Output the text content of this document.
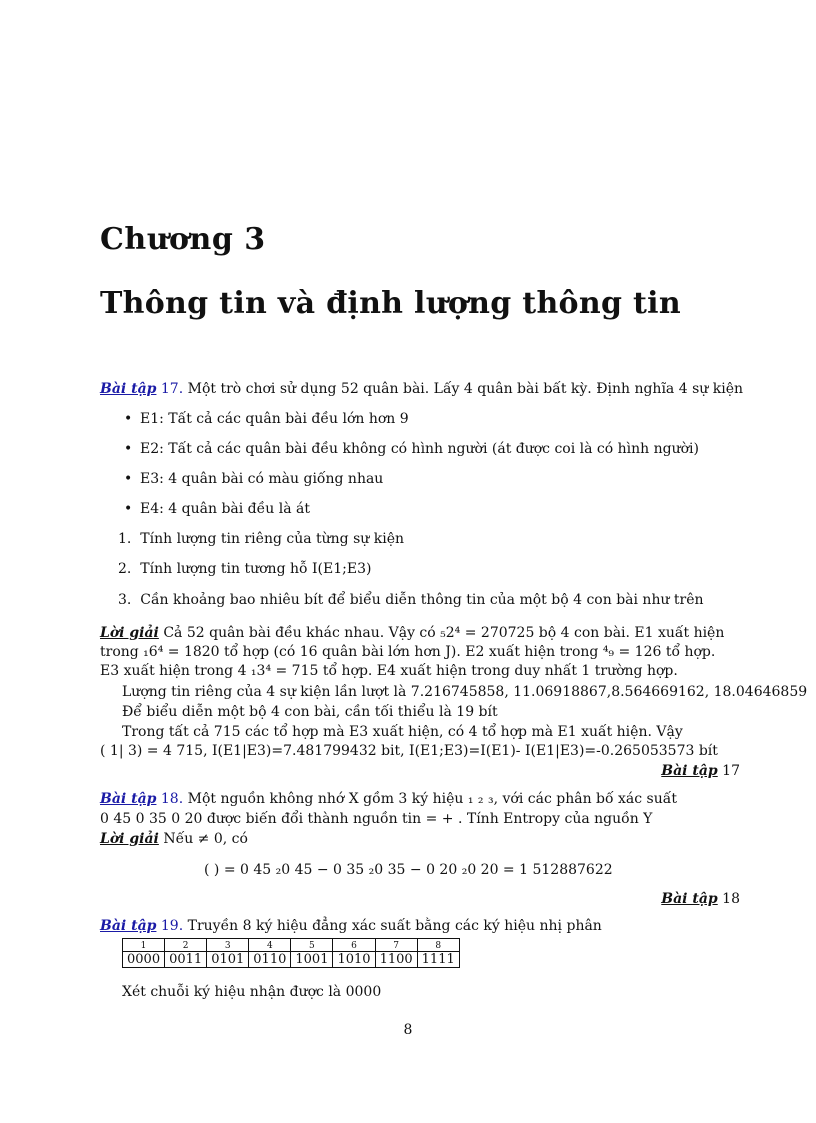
Chương 3
Thông tin và định lượng thông tin
Bài tập 17. Một trò chơi sử dụng 52 quân bài. Lấy 4 quân bài bất kỳ. Định nghĩa 4 sự kiện
• E1: Tất cả các quân bài đều lớn hơn 9
• E2: Tất cả các quân bài đều không có hình người (át được coi là có hình người)
• E3: 4 quân bài có màu giống nhau
• E4: 4 quân bài đều là át
1. Tính lượng tin riêng của từng sự kiện
2. Tính lượng tin tương hỗ I(E1;E3)
3. Cần khoảng bao nhiêu bít để biểu diễn thông tin của một bộ 4 con bài như trên
Lời giải Cả 52 quân bài đều khác nhau. Vậy có ₅2⁴ = 270725 bộ 4 con bài. E1 xuất hiện
trong ₁6⁴ = 1820 tổ hợp (có 16 quân bài lớn hơn J). E2 xuất hiện trong ⁴₉ = 126 tổ hợp.
E3 xuất hiện trong 4 ₁3⁴ = 715 tổ hợp. E4 xuất hiện trong duy nhất 1 trường hợp.
Lượng tin riêng của 4 sự kiện lần lượt là 7.216745858, 11.06918867,8.564669162, 18.04646859
Để biểu diễn một bộ 4 con bài, cần tối thiểu là 19 bít
Trong tất cả 715 các tổ hợp mà E3 xuất hiện, có 4 tổ hợp mà E1 xuất hiện. Vậy
( 1| 3) = 4 715, I(E1|E3)=7.481799432 bit, I(E1;E3)=I(E1)- I(E1|E3)=-0.265053573 bít
Bài tập 17
Bài tập 18. Một nguồn không nhớ X gồm 3 ký hiệu ₁ ₂ ₃, với các phân bố xác suất
0 45 0 35 0 20 được biến đổi thành nguồn tin = + . Tính Entropy của nguồn Y
Lời giải Nếu ≠ 0, có
( ) = 0 45 ₂0 45 − 0 35 ₂0 35 − 0 20 ₂0 20 = 1 512887622
Bài tập 18
Bài tập 19. Truyền 8 ký hiệu đẳng xác suất bằng các ký hiệu nhị phân
1	2	3	4	5	6	7	8
0000	0011	0101	0110	1001	1010	1100	1111
Xét chuỗi ký hiệu nhận được là 0000
8
